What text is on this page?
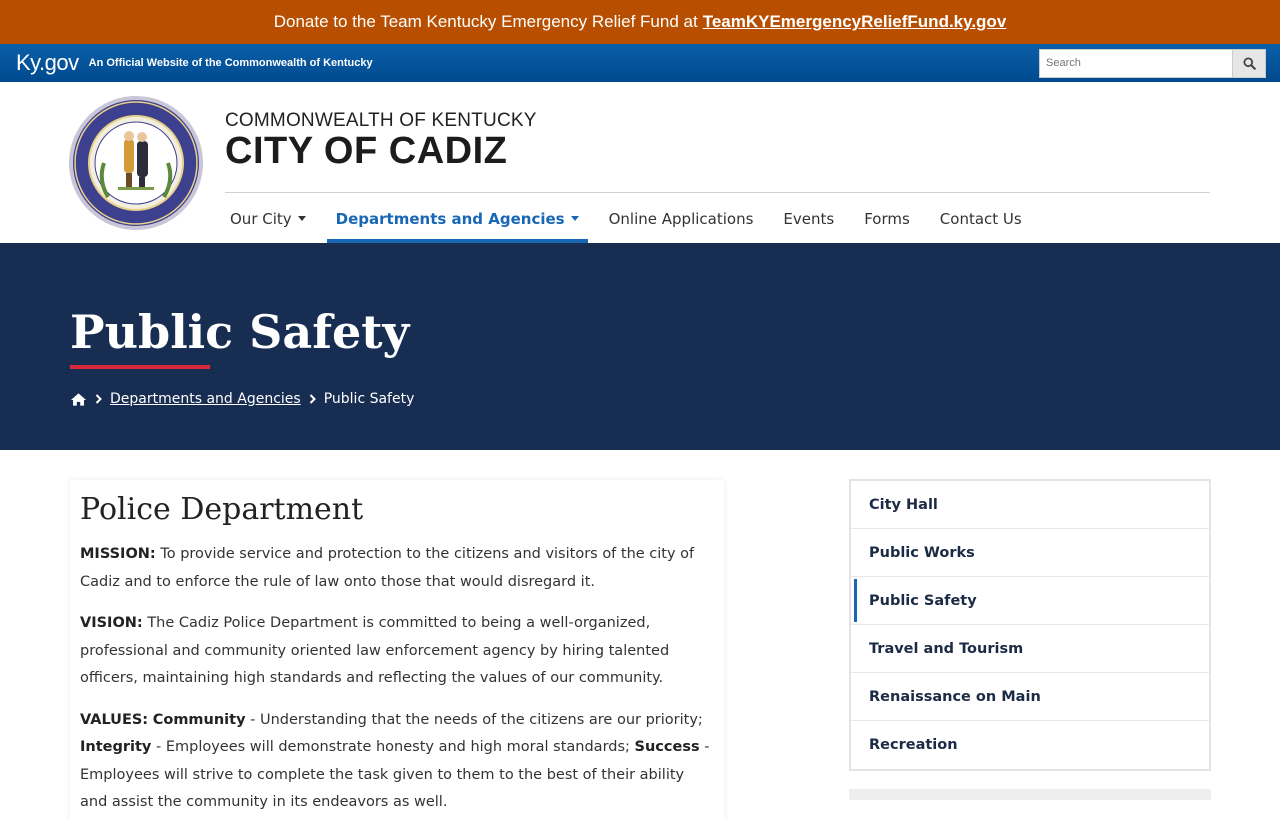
Donate to the Team Kentucky Emergency Relief Fund at TeamKYEmergencyReliefFund.ky.gov
Ky.gov An Official Website of the Commonwealth of Kentucky
Search
COMMONWEALTH OF KENTUCKY
CITY OF CADIZ
Our City	Departments and Agencies	Online Applications Events Forms Contact Us
Public Safety
Departments and Agencies Public Safety
Police Department

MISSION: To provide service and protection to the citizens and visitors of the city of Cadiz and to enforce the rule of law onto those that would disregard it.

VISION: The Cadiz Police Department is committed to being a well-organized, professional and community oriented law enforcement agency by hiring talented officers, maintaining high standards and reflecting the values of our community.

VALUES: Community - Understanding that the needs of the citizens are our priority; Integrity - Employees will demonstrate honesty and high moral standards; Success - Employees will strive to complete the task given to them to the best of their ability and assist the community in its endeavors as well.

City Hall
Public Works
Public Safety
Travel and Tourism
Renaissance on Main
Recreation
